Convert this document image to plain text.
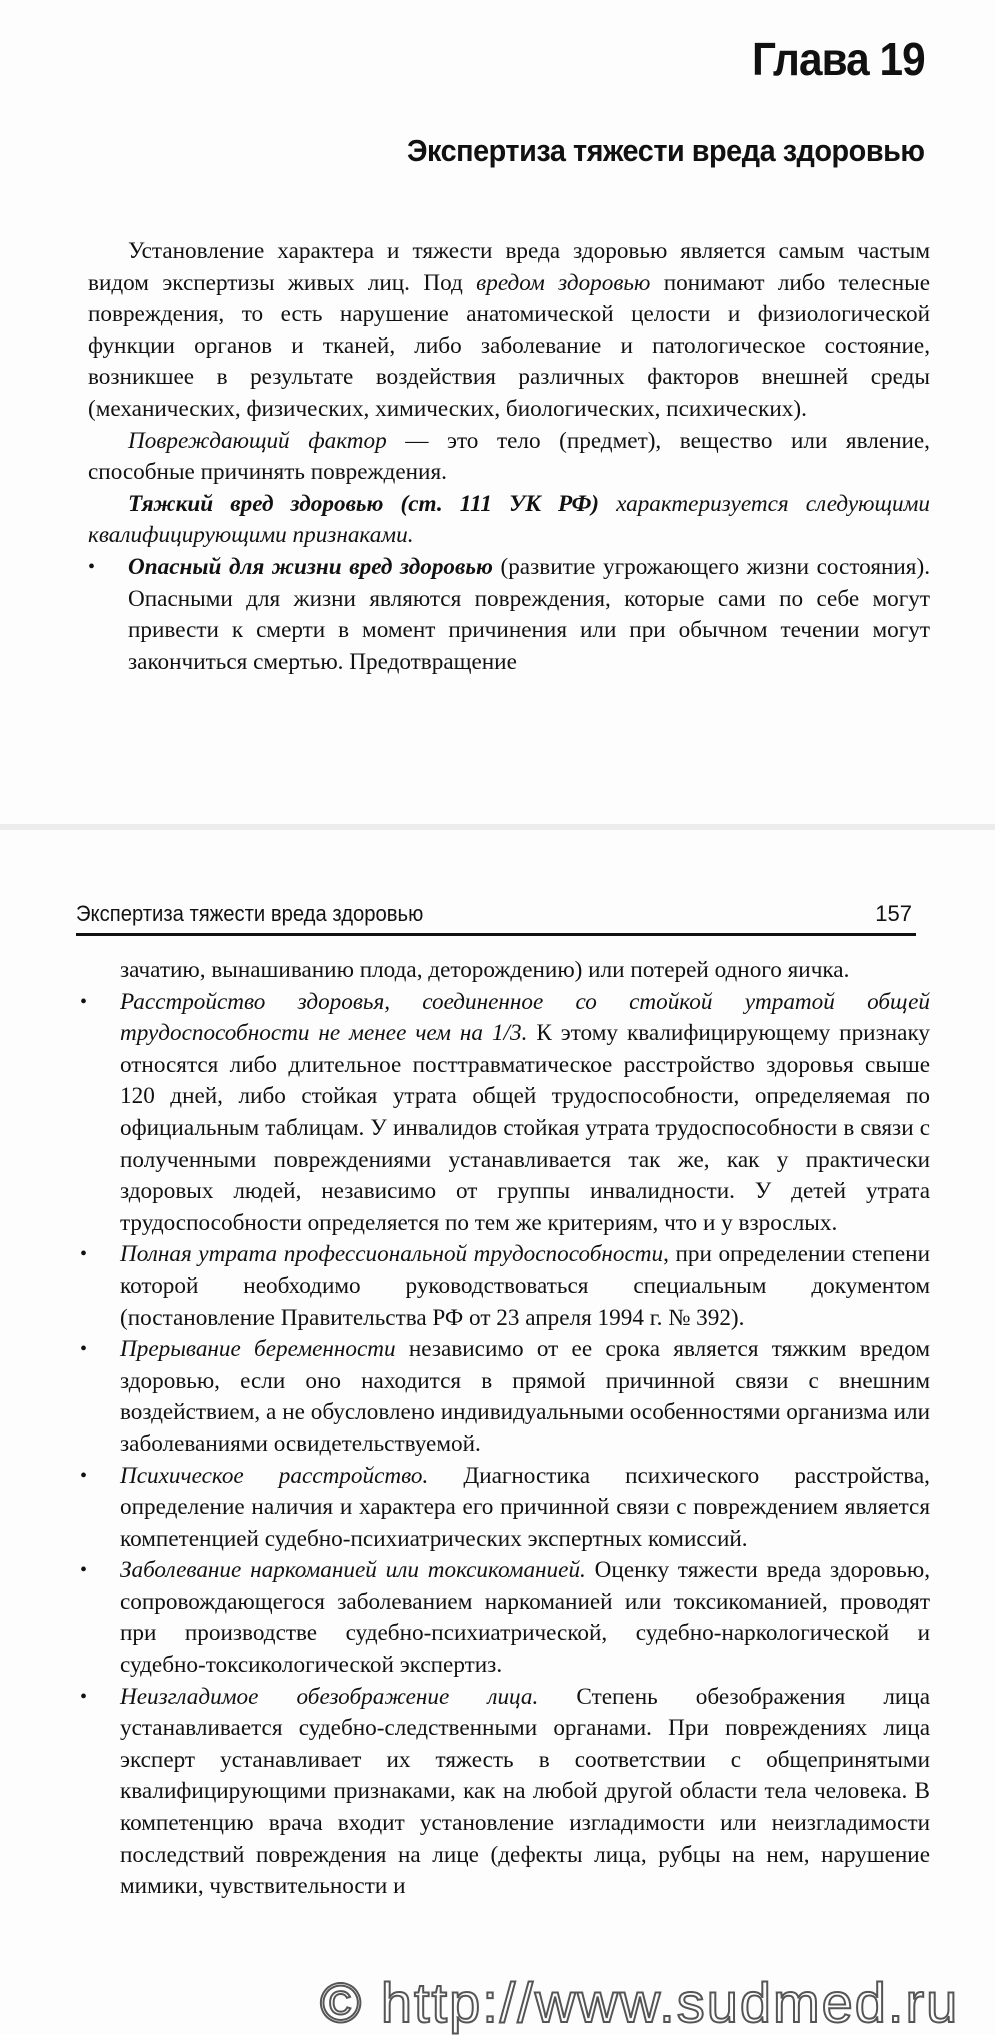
Глава 19
Экспертиза тяжести вреда здоровью

Установление характера и тяжести вреда здоровью является самым частым видом экспертизы живых лиц. Под вредом здоровью понимают либо телесные повреждения, то есть нарушение анатомической целости и физиологической функции органов и тканей, либо заболевание и патологическое состояние, возникшее в результате воздействия различных факторов внешней среды (механических, физических, химических, биологических, психических).

Повреждающий фактор — это тело (предмет), вещество или явление, способные причинять повреждения.

Тяжкий вред здоровью (ст. 111 УК РФ) характеризуется следующими квалифицирующими признаками.

•	Опасный для жизни вред здоровью (развитие угрожающего жизни состояния). Опасными для жизни являются повреждения, которые сами по себе могут привести к смерти в момент причинения или при обычном течении могут закончиться смертью. Предотвращение
Экспертиза тяжести вреда здоровью	157

зачатию, вынашиванию плода, деторождению) или потерей одного яичка.

•	Расстройство здоровья, соединенное со стойкой утратой общей трудоспособности не менее чем на 1/3. К этому квалифицирующему признаку относятся либо длительное посттравматическое расстройство здоровья свыше 120 дней, либо стойкая утрата общей трудоспособности, определяемая по официальным таблицам. У инвалидов стойкая утрата трудоспособности в связи с полученными повреждениями устанавливается так же, как у практически здоровых людей, независимо от группы инвалидности. У детей утрата трудоспособности определяется по тем же критериям, что и у взрослых.
•	Полная утрата профессиональной трудоспособности, при определении степени которой необходимо руководствоваться специальным документом (постановление Правительства РФ от 23 апреля 1994 г. № 392).
•	Прерывание беременности независимо от ее срока является тяжким вредом здоровью, если оно находится в прямой причинной связи с внешним воздействием, а не обусловлено индивидуальными особенностями организма или заболеваниями освидетельствуемой.
•	Психическое расстройство. Диагностика психического расстройства, определение наличия и характера его причинной связи с повреждением является компетенцией судебно-психиатрических экспертных комиссий.
•	Заболевание наркоманией или токсикоманией. Оценку тяжести вреда здоровью, сопровождающегося заболеванием наркоманией или токсикоманией, проводят при производстве судебно-психиатрической, судебно-наркологической и судебно-токсикологической экспертиз.
•	Неизгладимое обезображение лица. Степень обезображения лица устанавливается судебно-следственными органами. При повреждениях лица эксперт устанавливает их тяжесть в соответствии с общепринятыми квалифицирующими признаками, как на любой другой области тела человека. В компетенцию врача входит установление изгладимости или неизгладимости последствий повреждения на лице (дефекты лица, рубцы на нем, нарушение мимики, чувствительности и
© http://www.sudmed.ru
